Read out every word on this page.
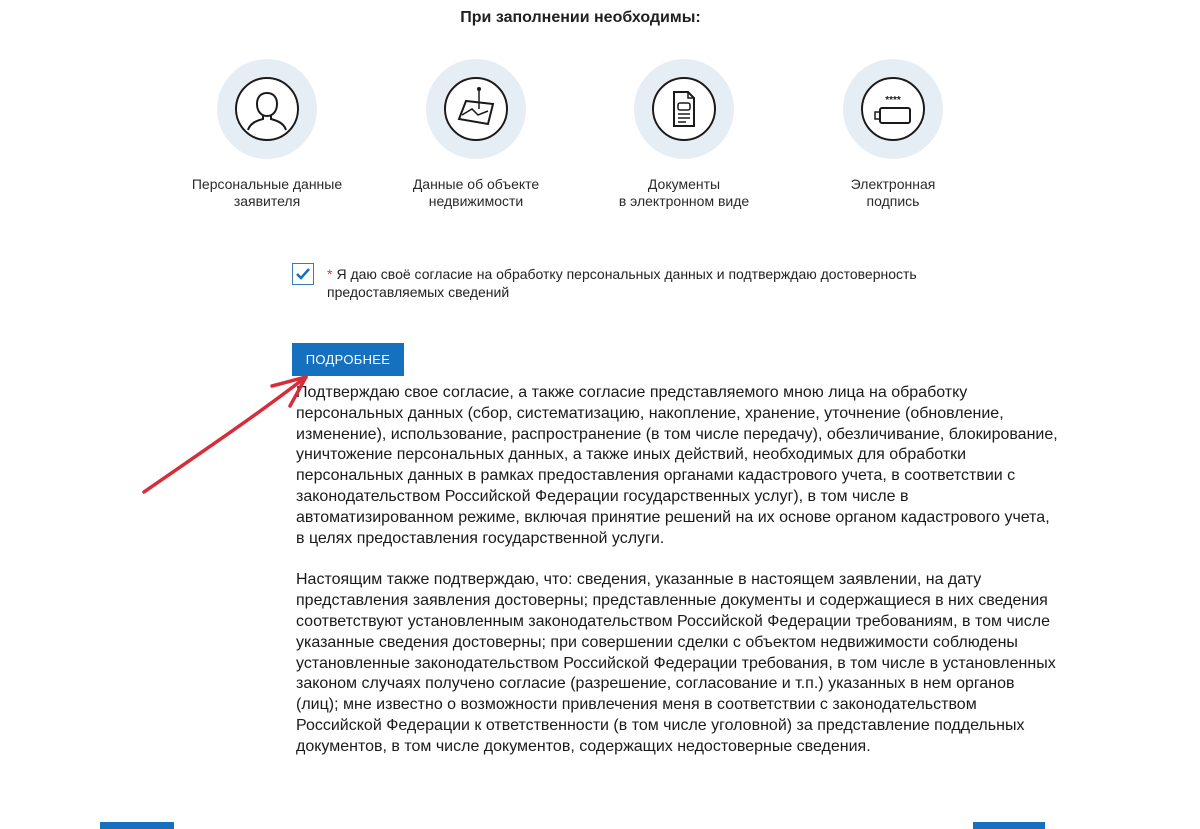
При заполнении необходимы:
Персональные данные
заявителя
Данные об объекте
недвижимости
Документы
в электронном виде
****
Электронная
подпись
* Я даю своё согласие на обработку персональных данных и подтверждаю достоверность предоставляемых сведений
ПОДРОБНЕЕ

Подтверждаю свое согласие, а также согласие представляемого мною лица на обработку персональных данных (сбор, систематизацию, накопление, хранение, уточнение (обновление, изменение), использование, распространение (в том числе передачу), обезличивание, блокирование, уничтожение персональных данных, а также иных действий, необходимых для обработки персональных данных в рамках предоставления органами кадастрового учета, в соответствии с законодательством Российской Федерации государственных услуг), в том числе в автоматизированном режиме, включая принятие решений на их основе органом кадастрового учета, в целях предоставления государственной услуги.

Настоящим также подтверждаю, что: сведения, указанные в настоящем заявлении, на дату представления заявления достоверны; представленные документы и содержащиеся в них сведения соответствуют установленным законодательством Российской Федерации требованиям, в том числе указанные сведения достоверны; при совершении сделки с объектом недвижимости соблюдены установленные законодательством Российской Федерации требования, в том числе в установленных законом случаях получено согласие (разрешение, согласование и т.п.) указанных в нем органов (лиц); мне известно о возможности привлечения меня в соответствии с законодательством Российской Федерации к ответственности (в том числе уголовной) за представление поддельных документов, в том числе документов, содержащих недостоверные сведения.
